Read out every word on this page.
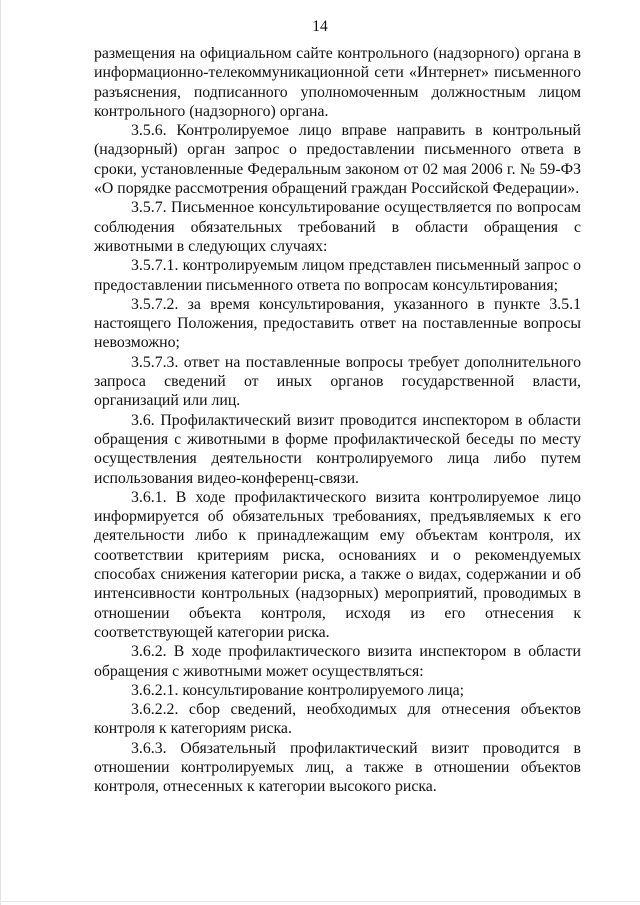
14

размещения на официальном сайте контрольного (надзорного) органа в информационно-телекоммуникационной сети «Интернет» письменного разъяснения, подписанного уполномоченным должностным лицом контрольного (надзорного) органа.

3.5.6. Контролируемое лицо вправе направить в контрольный (надзорный) орган запрос о предоставлении письменного ответа в сроки, установленные Федеральным законом от 02 мая 2006 г. № 59-ФЗ «О порядке рассмотрения обращений граждан Российской Федерации».

3.5.7. Письменное консультирование осуществляется по вопросам соблюдения обязательных требований в области обращения с животными в следующих случаях:

3.5.7.1. контролируемым лицом представлен письменный запрос о предоставлении письменного ответа по вопросам консультирования;

3.5.7.2. за время консультирования, указанного в пункте 3.5.1 настоящего Положения, предоставить ответ на поставленные вопросы невозможно;

3.5.7.3. ответ на поставленные вопросы требует дополнительного запроса сведений от иных органов государственной власти, организаций или лиц.

3.6. Профилактический визит проводится инспектором в области обращения с животными в форме профилактической беседы по месту осуществления деятельности контролируемого лица либо путем использования видео-конференц-связи.

3.6.1. В ходе профилактического визита контролируемое лицо информируется об обязательных требованиях, предъявляемых к его деятельности либо к принадлежащим ему объектам контроля, их соответствии критериям риска, основаниях и о рекомендуемых способах снижения категории риска, а также о видах, содержании и об интенсивности контрольных (надзорных) мероприятий, проводимых в отношении объекта контроля, исходя из его отнесения к соответствующей категории риска.

3.6.2. В ходе профилактического визита инспектором в области обращения с животными может осуществляться:

3.6.2.1. консультирование контролируемого лица;

3.6.2.2. сбор сведений, необходимых для отнесения объектов контроля к категориям риска.

3.6.3. Обязательный профилактический визит проводится в отношении контролируемых лиц, а также в отношении объектов контроля, отнесенных к категории высокого риска.
